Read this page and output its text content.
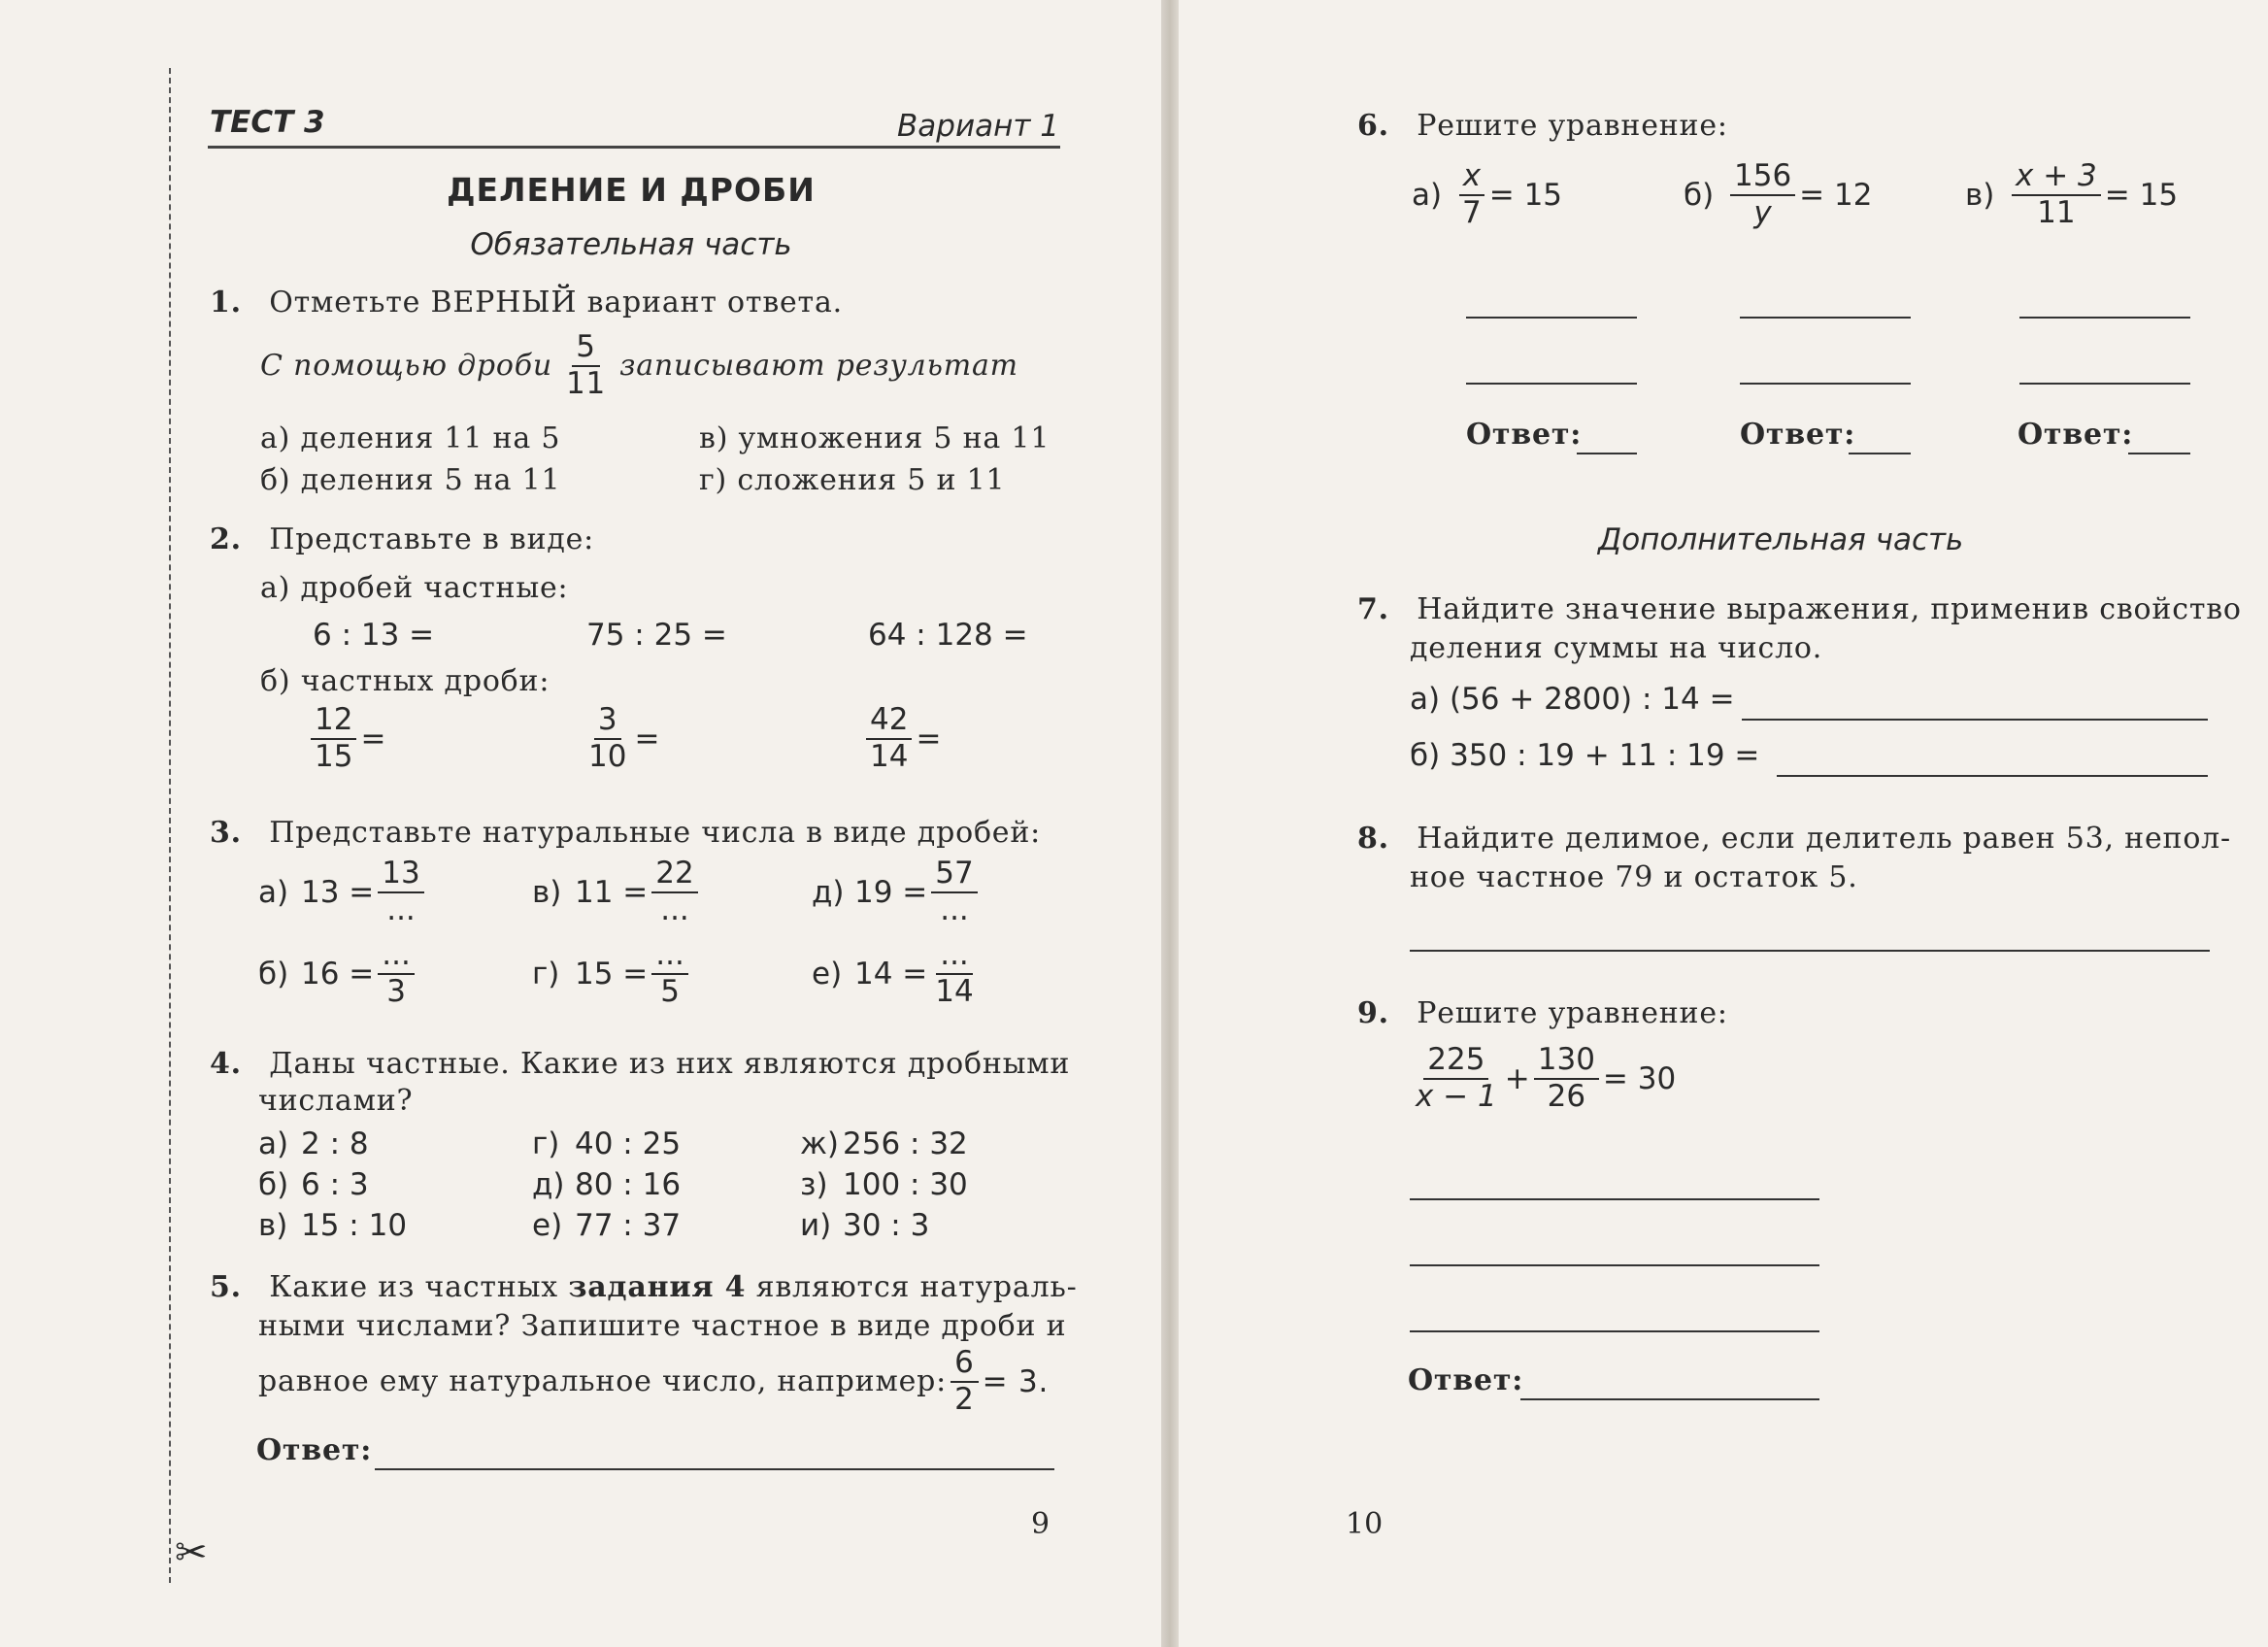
ТЕСТ 3	Вариант 1
ДЕЛЕНИЕ И ДРОБИ
Обязательная часть
1. Отметьте ВЕРНЫЙ вариант ответа.
С помощью дроби $\frac{5}{11}$ записывают результат
а) деления 11 на 5	в) умножения 5 на 11
б) деления 5 на 11	г) сложения 5 и 11
2. Представьте в виде:
а) дробей частные:
6 : 13 =	75 : 25 =	64 : 128 =
б) частных дроби:
$\frac{12}{15}$ =	$\frac{3}{10}$ =	$\frac{42}{14}$ =
3. Представьте натуральные числа в виде дробей:
а) $13 = \frac{13}{...}$	в) $11 = \frac{22}{...}$	д) $19 = \frac{57}{...}$
б) $16 = \frac{...}{3}$	г) $15 = \frac{...}{5}$	е) $14 = \frac{...}{14}$
4. Даны частные. Какие из них являются дробными
числами?
а) 2 : 8	г) 40 : 25	ж) 256 : 32
б) 6 : 3	д) 80 : 16	з) 100 : 30
в) 15 : 10	е) 77 : 37	и) 30 : 3
5. Какие из частных задания 4 являются натураль-
ными числами? Запишите частное в виде дроби и
равное ему натуральное число, например: $\frac{6}{2} = 3$.
Ответ:
9
✂
6. Решите уравнение:
$а) \frac{x}{7} = 15$	$б) \frac{156}{y} = 12$	$в) \frac{x + 3}{11} = 15$
Ответ:	Ответ:	Ответ:
Дополнительная часть
7. Найдите значение выражения, применив свойство
деления суммы на число.
а) (56 + 2800) : 14 =
б) 350 : 19 + 11 : 19 =
8. Найдите делимое, если делитель равен 53, непол-
ное частное 79 и остаток 5.
9. Решите уравнение:
$\frac{225}{x - 1} + \frac{130}{26} = 30$
Ответ:
10
